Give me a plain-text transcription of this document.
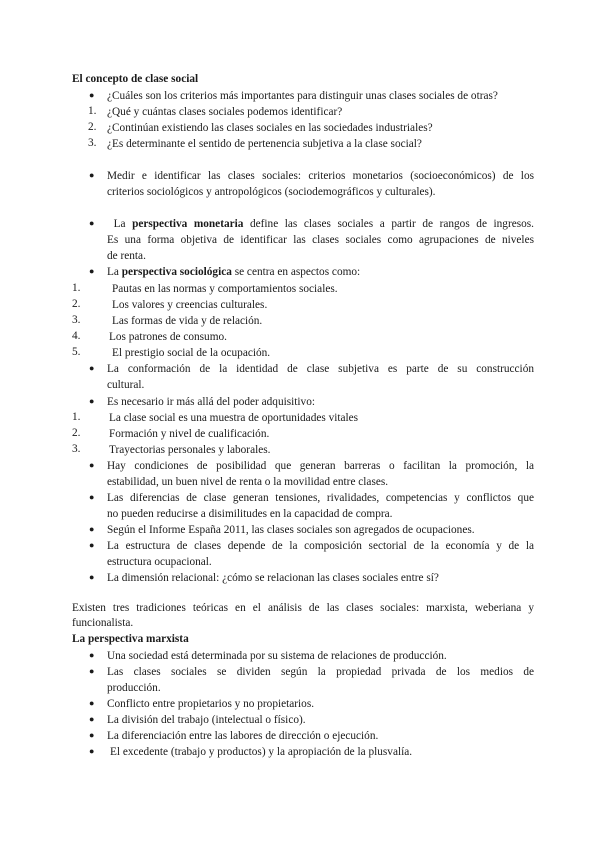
El concepto de clase social
●	¿Cuáles son los criterios más importantes para distinguir unas clases sociales de otras?
1. ¿Qué y cuántas clases sociales podemos identificar?
2. ¿Continúan existiendo las clases sociales en las sociedades industriales?
3. ¿Es determinante el sentido de pertenencia subjetiva a la clase social?
●	Medir e identificar las clases sociales: criterios monetarios (socioeconómicos) de los
criterios sociológicos y antropológicos (sociodemográficos y culturales).
●	La perspectiva monetaria define las clases sociales a partir de rangos de ingresos.
Es una forma objetiva de identificar las clases sociales como agrupaciones de niveles
de renta.
●	La perspectiva sociológica se centra en aspectos como:
1.	Pautas en las normas y comportamientos sociales.
2.	Los valores y creencias culturales.
3.	Las formas de vida y de relación.
4.	Los patrones de consumo.
5.	El prestigio social de la ocupación.
●	La conformación de la identidad de clase subjetiva es parte de su construcción
cultural.
●	Es necesario ir más allá del poder adquisitivo:
1.	La clase social es una muestra de oportunidades vitales
2.	Formación y nivel de cualificación.
3.	Trayectorias personales y laborales.
●	Hay condiciones de posibilidad que generan barreras o facilitan la promoción, la
estabilidad, un buen nivel de renta o la movilidad entre clases.
●	Las diferencias de clase generan tensiones, rivalidades, competencias y conflictos que
no pueden reducirse a disimilitudes en la capacidad de compra.
●	Según el Informe España 2011, las clases sociales son agregados de ocupaciones.
●	La estructura de clases depende de la composición sectorial de la economía y de la
estructura ocupacional.
●	La dimensión relacional: ¿cómo se relacionan las clases sociales entre sí?
Existen tres tradiciones teóricas en el análisis de las clases sociales: marxista, weberiana y
funcionalista.
La perspectiva marxista
●	Una sociedad está determinada por su sistema de relaciones de producción.
●	Las clases sociales se dividen según la propiedad privada de los medios de
producción.
●	Conflicto entre propietarios y no propietarios.
●	La división del trabajo (intelectual o físico).
●	La diferenciación entre las labores de dirección o ejecución.
●	El excedente (trabajo y productos) y la apropiación de la plusvalía.
